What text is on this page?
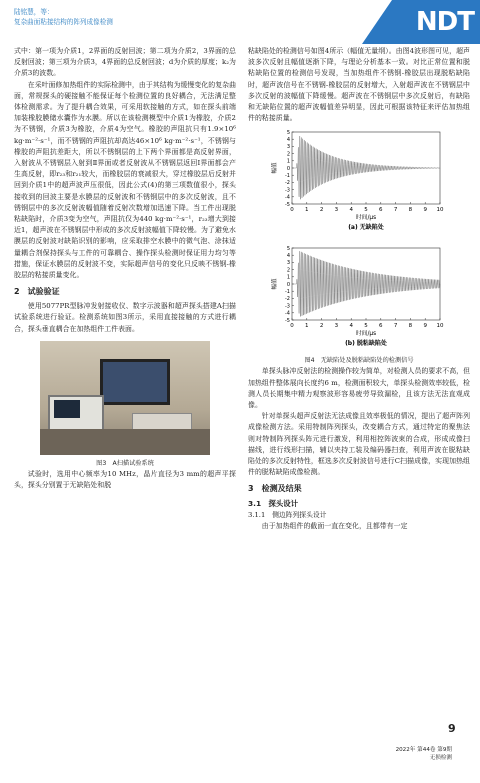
陆铭慧，等：
复杂曲面粘接结构的阵列成像检测	NDT

式中：第一项为介质1，2界面的反射回波；第二项为介质2，3界面的总反射回波；第三项为介质3，4界面的总反射回波；d为介质的厚度；k₂为介质3的波数。

在采叶面修加热组件的实际检测中，由于其结构为缓慢变化的复杂曲面，常规探头的硬接触不能保证每个检测位置的良好耦合，无法满足整体检测需求。为了提升耦合效果，可采用软接触的方式，如在探头前端加装橡胶膜储水囊作为水膜。所以在该检测模型中介质1为橡胶，介质2为不锈钢，介质3为橡胶，介质4为空气。橡胶的声阻抗只有1.9×10⁶ kg·m⁻²·s⁻¹，而不锈钢的声阻抗却高达46×10⁶ kg·m⁻²·s⁻¹，不锈钢与橡胶的声阻抗差距大，所以不锈钢层的上下两个界面都是高反射界面，入射波从不锈钢层入射到Ⅱ界面或者反射波从不锈钢层返回Ⅰ界面都会产生高反射，即r₂₃和r₂₁较大，而橡胶层的衰减很大，穿过橡胶层后反射并回到介质1中的超声波声压很低，因此公式(4)的第三项数值很小，探头接收到的回波主要是水膜层的反射波和不锈钢层中的多次反射波，且不锈钢层中的多次反射波幅值随着反射次数增加迅速下降。当工件出现脱粘缺陷时，介质3变为空气，声阻抗仅为440 kg·m⁻²·s⁻¹，r₂₃增大到接近1，超声波在不锈钢层中形成的多次反射波幅值下降较慢。为了避免水膜层的反射波对缺陷识别的影响，应采取排空水膜中的微气泡、涂抹适量耦合剂保持探头与工件的可靠耦合、操作探头检测时保证用力均匀等措施，保证水膜层的反射波不变，实际超声信号的变化只反映不锈钢-橡胶层的粘接质量变化。

2　试验验证

使用5077PR型脉冲发射接收仪、数字示波器和超声探头搭建A扫描试验系统进行验证。检测系统如图3所示，采用直接接触的方式进行耦合，探头垂直耦合在加热组件工件表面。

图3　A扫描试验系统

试验时，选用中心频率为10 MHz，晶片直径为3 mm的超声平探头，探头分别置于无缺陷处和脱

粘缺陷处的检测信号如图4所示（幅值无量纲）。由图4波形图可见，超声波多次反射且幅值逐渐下降，与理论分析基本一致。对比正常位置和脱粘缺陷位置的检测信号发现，当加热组件不锈钢-橡胶层出现脱粘缺陷时，超声波信号在不锈钢-橡胶层的反射增大，入射超声波在不锈钢层中多次反射的波幅值下降缓慢。超声波在不锈钢层中多次反射后，有缺陷和无缺陷位置的超声波幅值差异明显，因此可根据该特征来评估加热组件的粘接质量。

0 1 2 3 4 5 6 7 8 9 10
5
4
3
2
1
0
-1
-2
-3
-4
-5
幅值
时间/μs
(a) 无缺陷处
0 1 2 3 4 5 6 7 8 9 10
5
4
3
2
1
0
-1
-2
-3
-4
-5
幅值
时间/μs
(b) 脱粘缺陷处
图4　无缺陷处及脱粘缺陷处的检测信号

单探头脉冲反射法的检测操作较为简单，对检测人员的要求不高，但加热组件整体展向长度约6 m，检测面积较大，单探头检测效率较低，检测人员长期集中精力观察波形容易疲劳导致漏检，且该方法无法直观成像。

针对单探头超声反射法无法成像且效率极低的情况，提出了超声阵列成像检测方法。采用特制阵列探头，改变耦合方式，通过特定的聚焦法则对特制阵列探头阵元进行激发，利用相控阵波束的合成，形成成像扫描线，进行线形扫描，辅以夹持工装及编码器扫查，利用声波在脱粘缺陷处的多次反射特性，框选多次反射波信号进行C扫描成像，实现加热组件的脱粘缺陷成像检测。

3　检测及结果
3.1　探头设计
3.1.1　侧边阵列探头设计

由于加热组件的截面一直在变化，且都带有一定

9
2022年 第44卷 第9期
无损检测
